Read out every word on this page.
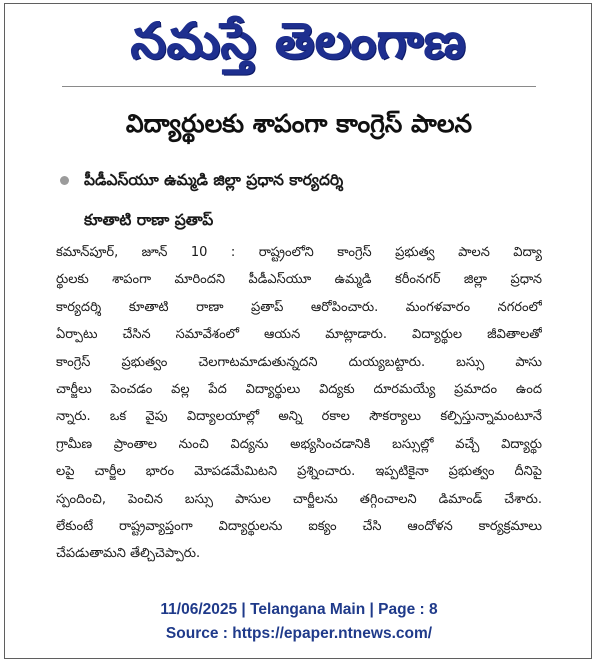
నమస్తే తెలంగాణ
విద్యార్థులకు శాపంగా కాంగ్రెస్ పాలన
పీడీఎస్‌యూ ఉమ్మడి జిల్లా ప్రధాన కార్యదర్శి
కూతాటి రాణా ప్రతాప్
కమాన్‌పూర్, జూన్ 10 : రాష్ట్రంలోని కాంగ్రెస్ ప్రభుత్వ పాలన విద్యా
ర్థులకు శాపంగా మారిందని పీడీఎస్‌యూ ఉమ్మడి కరీంనగర్ జిల్లా ప్రధాన
కార్యదర్శి కూతాటి రాణా ప్రతాప్ ఆరోపించారు. మంగళవారం నగరంలో
ఏర్పాటు చేసిన సమావేశంలో ఆయన మాట్లాడారు. విద్యార్థుల జీవితాలతో
కాంగ్రెస్ ప్రభుత్వం చెలగాటమాడుతున్నదని దుయ్యబట్టారు. బస్సు పాసు
చార్జీలు పెంచడం వల్ల పేద విద్యార్థులు విద్యకు దూరమయ్యే ప్రమాదం ఉంద
న్నారు. ఒక వైపు విద్యాలయాల్లో అన్ని రకాల సౌకర్యాలు కల్పిస్తున్నామంటూనే
గ్రామీణ ప్రాంతాల నుంచి విద్యను అభ్యసించడానికి బస్సుల్లో వచ్చే విద్యార్థు
లపై చార్జీల భారం మోపడమేమిటని ప్రశ్నించారు. ఇప్పటికైనా ప్రభుత్వం దీనిపై
స్పందించి, పెంచిన బస్సు పాసుల చార్జీలను తగ్గించాలని డిమాండ్ చేశారు.
లేకుంటే రాష్ట్రవ్యాప్తంగా విద్యార్థులను ఐక్యం చేసి ఆందోళన కార్యక్రమాలు
చేపడుతామని తేల్చిచెప్పారు.
11/06/2025 | Telangana Main | Page : 8
Source : https://epaper.ntnews.com/
